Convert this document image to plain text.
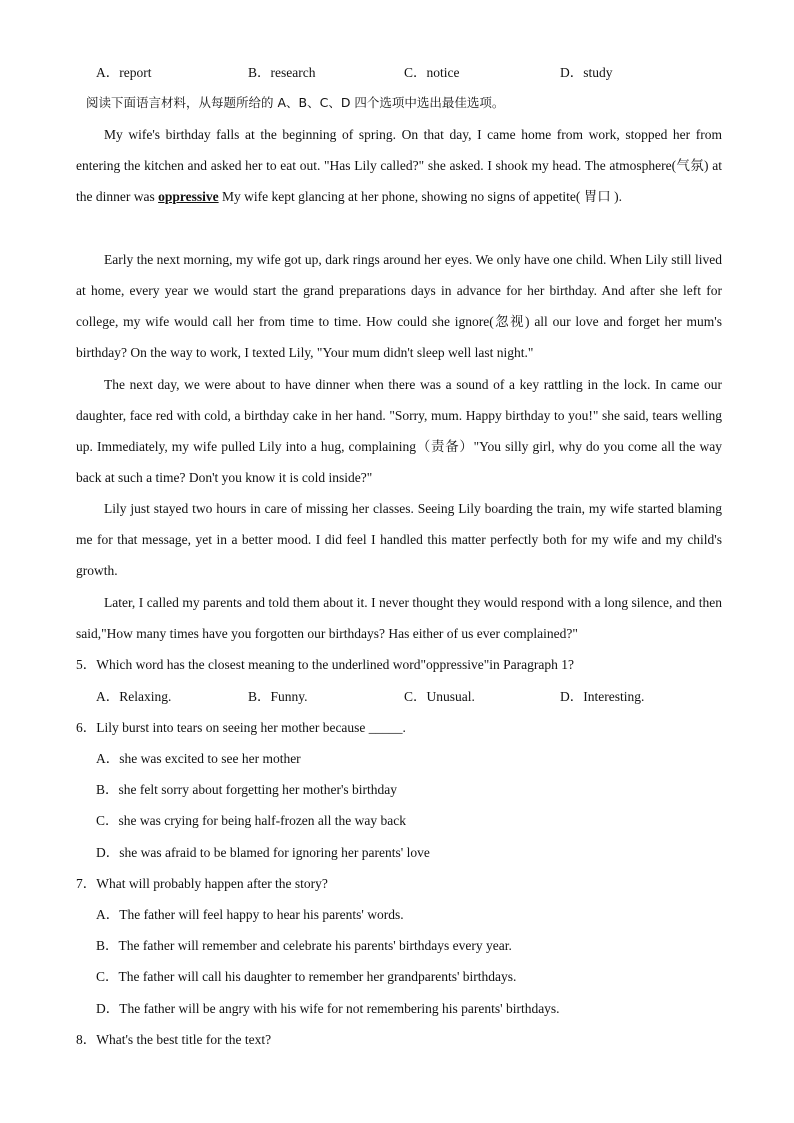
A．report	B．research	C．notice	D．study
阅读下面语言材料，从每题所给的 A、B、C、D 四个选项中选出最佳选项。
My wife's birthday falls at the beginning of spring. On that day, I came home from work, stopped her from entering the kitchen and asked her to eat out. "Has Lily called?" she asked. I shook my head. The atmosphere(气氛) at the dinner was oppressive My wife kept glancing at her phone, showing no signs of appetite( 胃口 ).
Early the next morning, my wife got up, dark rings around her eyes. We only have one child. When Lily still lived at home, every year we would start the grand preparations days in advance for her birthday. And after she left for college, my wife would call her from time to time. How could she ignore(忽视) all our love and forget her mum's birthday? On the way to work, I texted Lily, "Your mum didn't sleep well last night."
The next day, we were about to have dinner when there was a sound of a key rattling in the lock. In came our daughter, face red with cold, a birthday cake in her hand. "Sorry, mum. Happy birthday to you!" she said, tears welling up. Immediately, my wife pulled Lily into a hug, complaining（责备）"You silly girl, why do you come all the way back at such a time? Don't you know it is cold inside?"
Lily just stayed two hours in care of missing her classes. Seeing Lily boarding the train, my wife started blaming me for that message, yet in a better mood. I did feel I handled this matter perfectly both for my wife and my child's growth.
Later, I called my parents and told them about it. I never thought they would respond with a long silence, and then said,"How many times have you forgotten our birthdays? Has either of us ever complained?"
5．Which word has the closest meaning to the underlined word"oppressive"in Paragraph 1?
A．Relaxing.	B．Funny.	C．Unusual.	D．Interesting.
6．Lily burst into tears on seeing her mother because _____.
A．she was excited to see her mother
B．she felt sorry about forgetting her mother's birthday
C．she was crying for being half-frozen all the way back
D．she was afraid to be blamed for ignoring her parents' love
7．What will probably happen after the story?
A．The father will feel happy to hear his parents' words.
B．The father will remember and celebrate his parents' birthdays every year.
C．The father will call his daughter to remember her grandparents' birthdays.
D．The father will be angry with his wife for not remembering his parents' birthdays.
8．What's the best title for the text?
